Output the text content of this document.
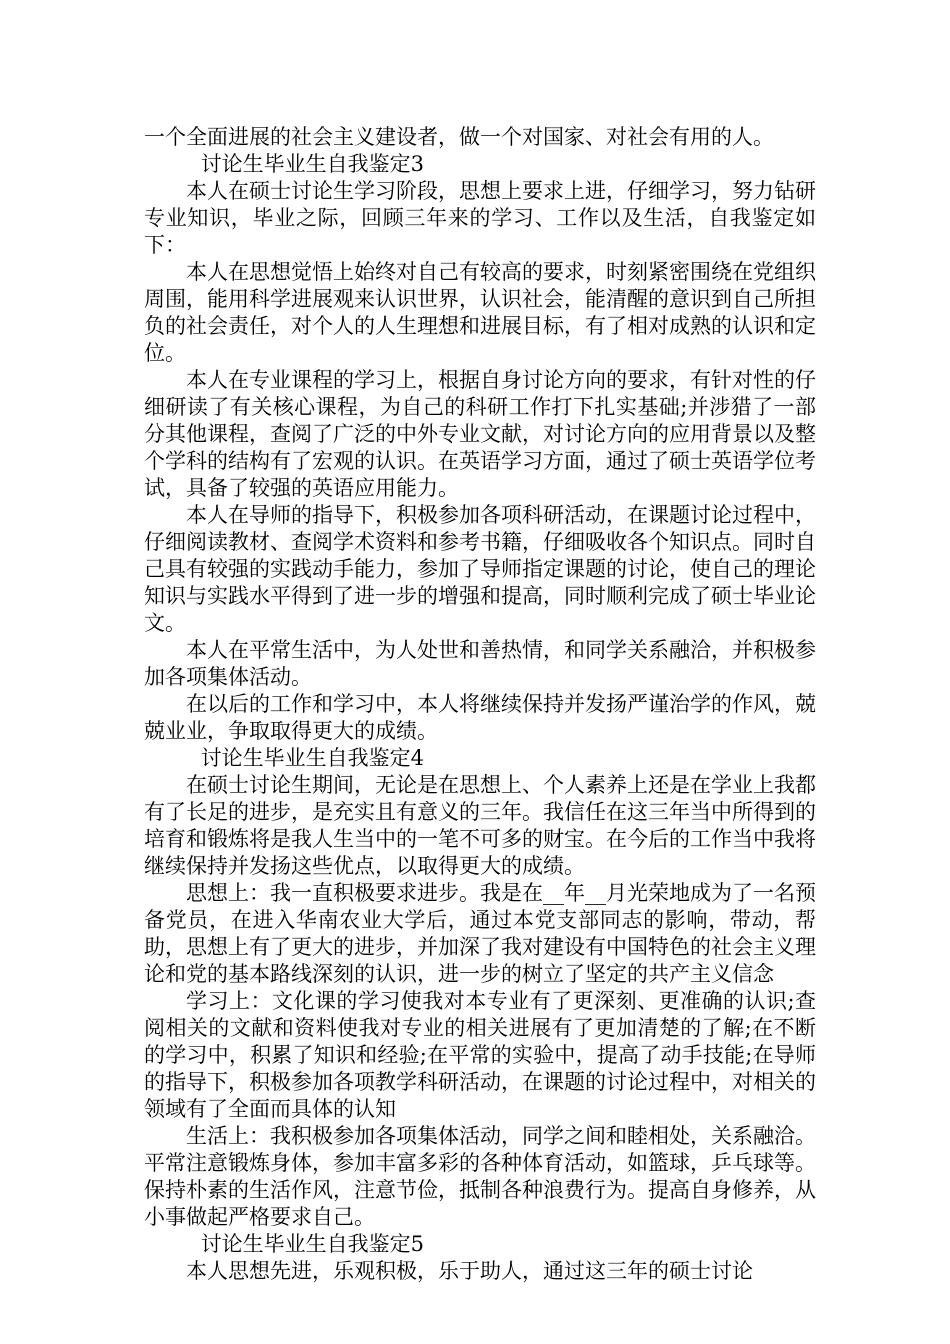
一个全面进展的社会主义建设者，做一个对国家、对社会有用的人。

讨论生毕业生自我鉴定3

本人在硕士讨论生学习阶段，思想上要求上进，仔细学习，努力钻研专业知识，毕业之际，回顾三年来的学习、工作以及生活，自我鉴定如下：

本人在思想觉悟上始终对自己有较高的要求，时刻紧密围绕在党组织周围，能用科学进展观来认识世界，认识社会，能清醒的意识到自己所担负的社会责任，对个人的人生理想和进展目标，有了相对成熟的认识和定位。

本人在专业课程的学习上，根据自身讨论方向的要求，有针对性的仔细研读了有关核心课程，为自己的科研工作打下扎实基础;并涉猎了一部分其他课程，查阅了广泛的中外专业文献，对讨论方向的应用背景以及整个学科的结构有了宏观的认识。在英语学习方面，通过了硕士英语学位考试，具备了较强的英语应用能力。

本人在导师的指导下，积极参加各项科研活动，在课题讨论过程中，仔细阅读教材、查阅学术资料和参考书籍，仔细吸收各个知识点。同时自己具有较强的实践动手能力，参加了导师指定课题的讨论，使自己的理论知识与实践水平得到了进一步的增强和提高，同时顺利完成了硕士毕业论文。

本人在平常生活中，为人处世和善热情，和同学关系融洽，并积极参加各项集体活动。

在以后的工作和学习中，本人将继续保持并发扬严谨治学的作风，兢兢业业，争取取得更大的成绩。

讨论生毕业生自我鉴定4

在硕士讨论生期间，无论是在思想上、个人素养上还是在学业上我都有了长足的进步，是充实且有意义的三年。我信任在这三年当中所得到的培育和锻炼将是我人生当中的一笔不可多的财宝。在今后的工作当中我将继续保持并发扬这些优点，以取得更大的成绩。

思想上：我一直积极要求进步。我是在__年__月光荣地成为了一名预备党员，在进入华南农业大学后，通过本党支部同志的影响，带动，帮助，思想上有了更大的进步，并加深了我对建设有中国特色的社会主义理论和党的基本路线深刻的认识，进一步的树立了坚定的共产主义信念

学习上：文化课的学习使我对本专业有了更深刻、更准确的认识;查阅相关的文献和资料使我对专业的相关进展有了更加清楚的了解;在不断的学习中，积累了知识和经验;在平常的实验中，提高了动手技能;在导师的指导下，积极参加各项教学科研活动，在课题的讨论过程中，对相关的领域有了全面而具体的认知

生活上：我积极参加各项集体活动，同学之间和睦相处，关系融洽。平常注意锻炼身体，参加丰富多彩的各种体育活动，如篮球，乒乓球等。保持朴素的生活作风，注意节俭，抵制各种浪费行为。提高自身修养，从小事做起严格要求自己。

讨论生毕业生自我鉴定5

本人思想先进，乐观积极，乐于助人，通过这三年的硕士讨论
